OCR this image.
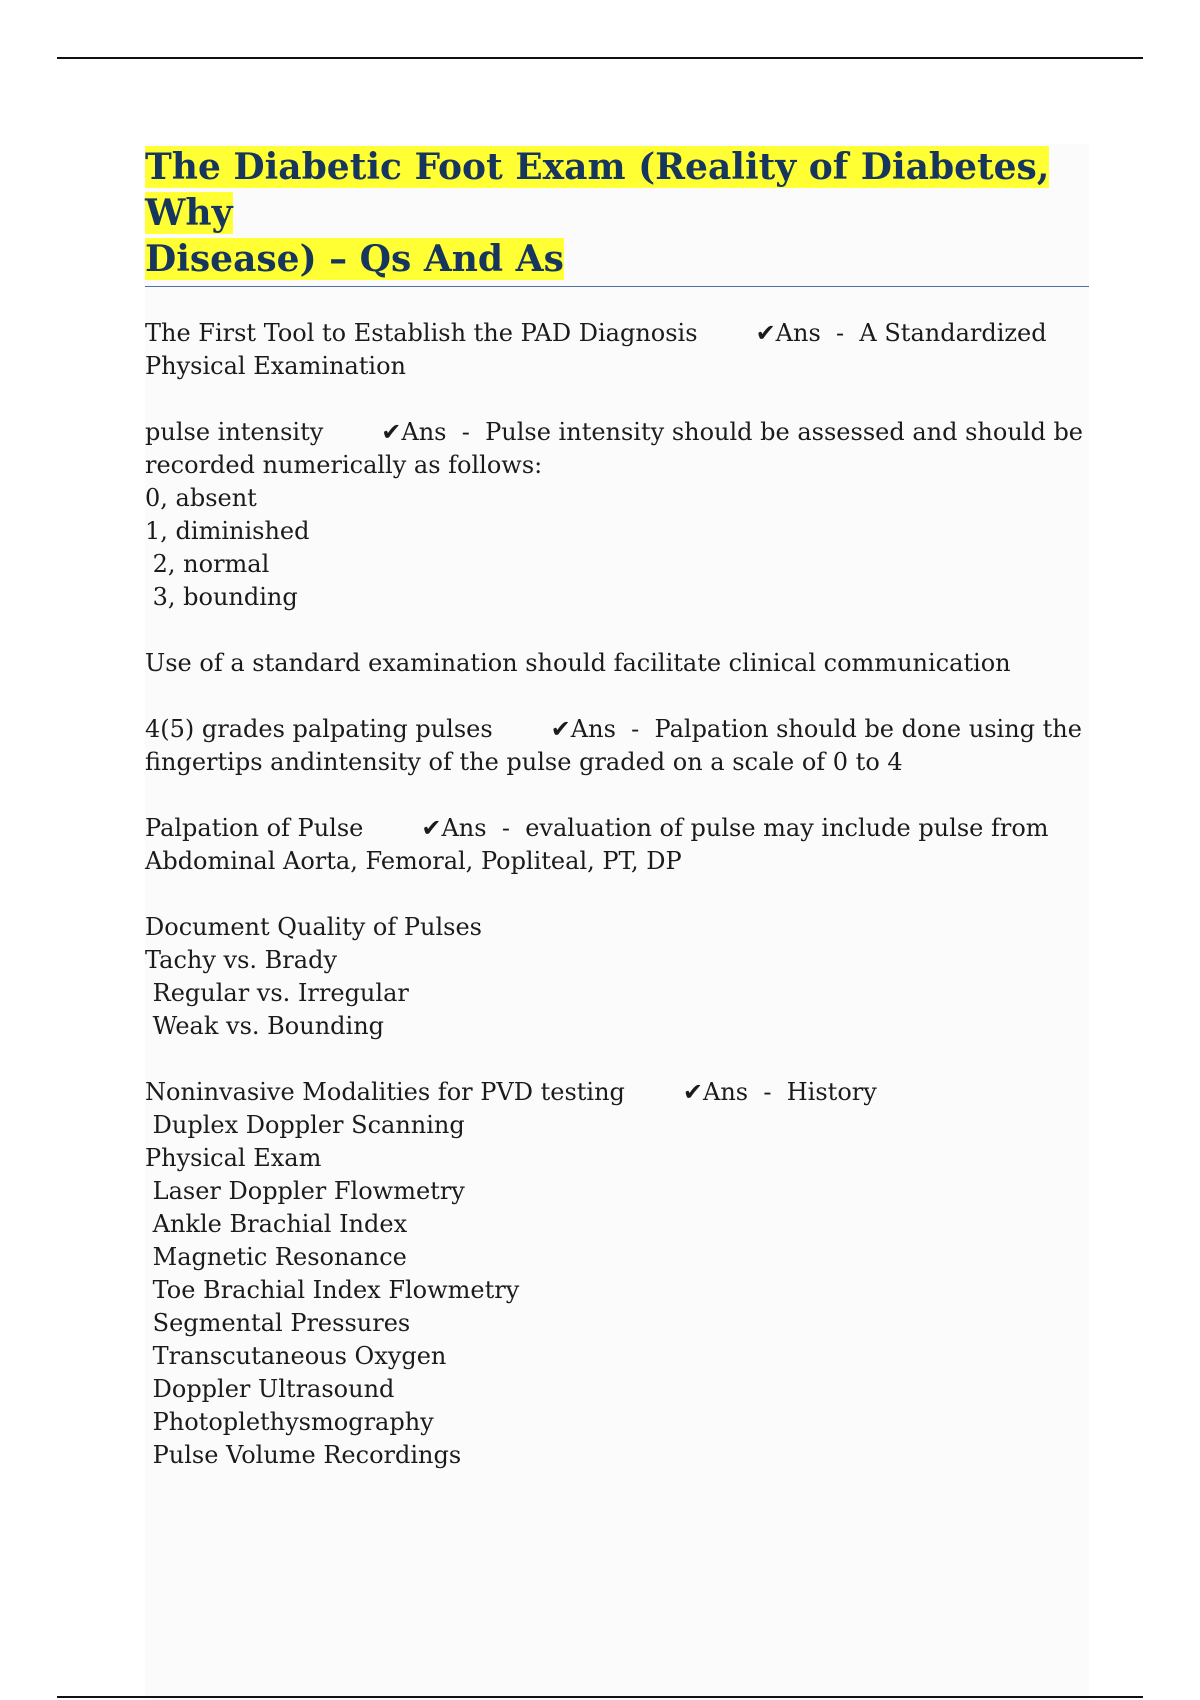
The Diabetic Foot Exam (Reality of Diabetes, Why
Disease) – Qs And As
The First Tool to Establish the PAD Diagnosis ✔Ans  -  A Standardized
Physical Examination
pulse intensity ✔Ans  -  Pulse intensity should be assessed and should be
recorded numerically as follows:
0, absent
1, diminished
2, normal
3, bounding
Use of a standard examination should facilitate clinical communication
4(5) grades palpating pulses ✔Ans  -  Palpation should be done using the
fingertips andintensity of the pulse graded on a scale of 0 to 4
Palpation of Pulse ✔Ans  -  evaluation of pulse may include pulse from
Abdominal Aorta, Femoral, Popliteal, PT, DP
Document Quality of Pulses
Tachy vs. Brady
Regular vs. Irregular
Weak vs. Bounding
Noninvasive Modalities for PVD testing ✔Ans  -  History
Duplex Doppler Scanning
Physical Exam
Laser Doppler Flowmetry
Ankle Brachial Index
Magnetic Resonance
Toe Brachial Index Flowmetry
Segmental Pressures
Transcutaneous Oxygen
Doppler Ultrasound
Photoplethysmography
Pulse Volume Recordings
